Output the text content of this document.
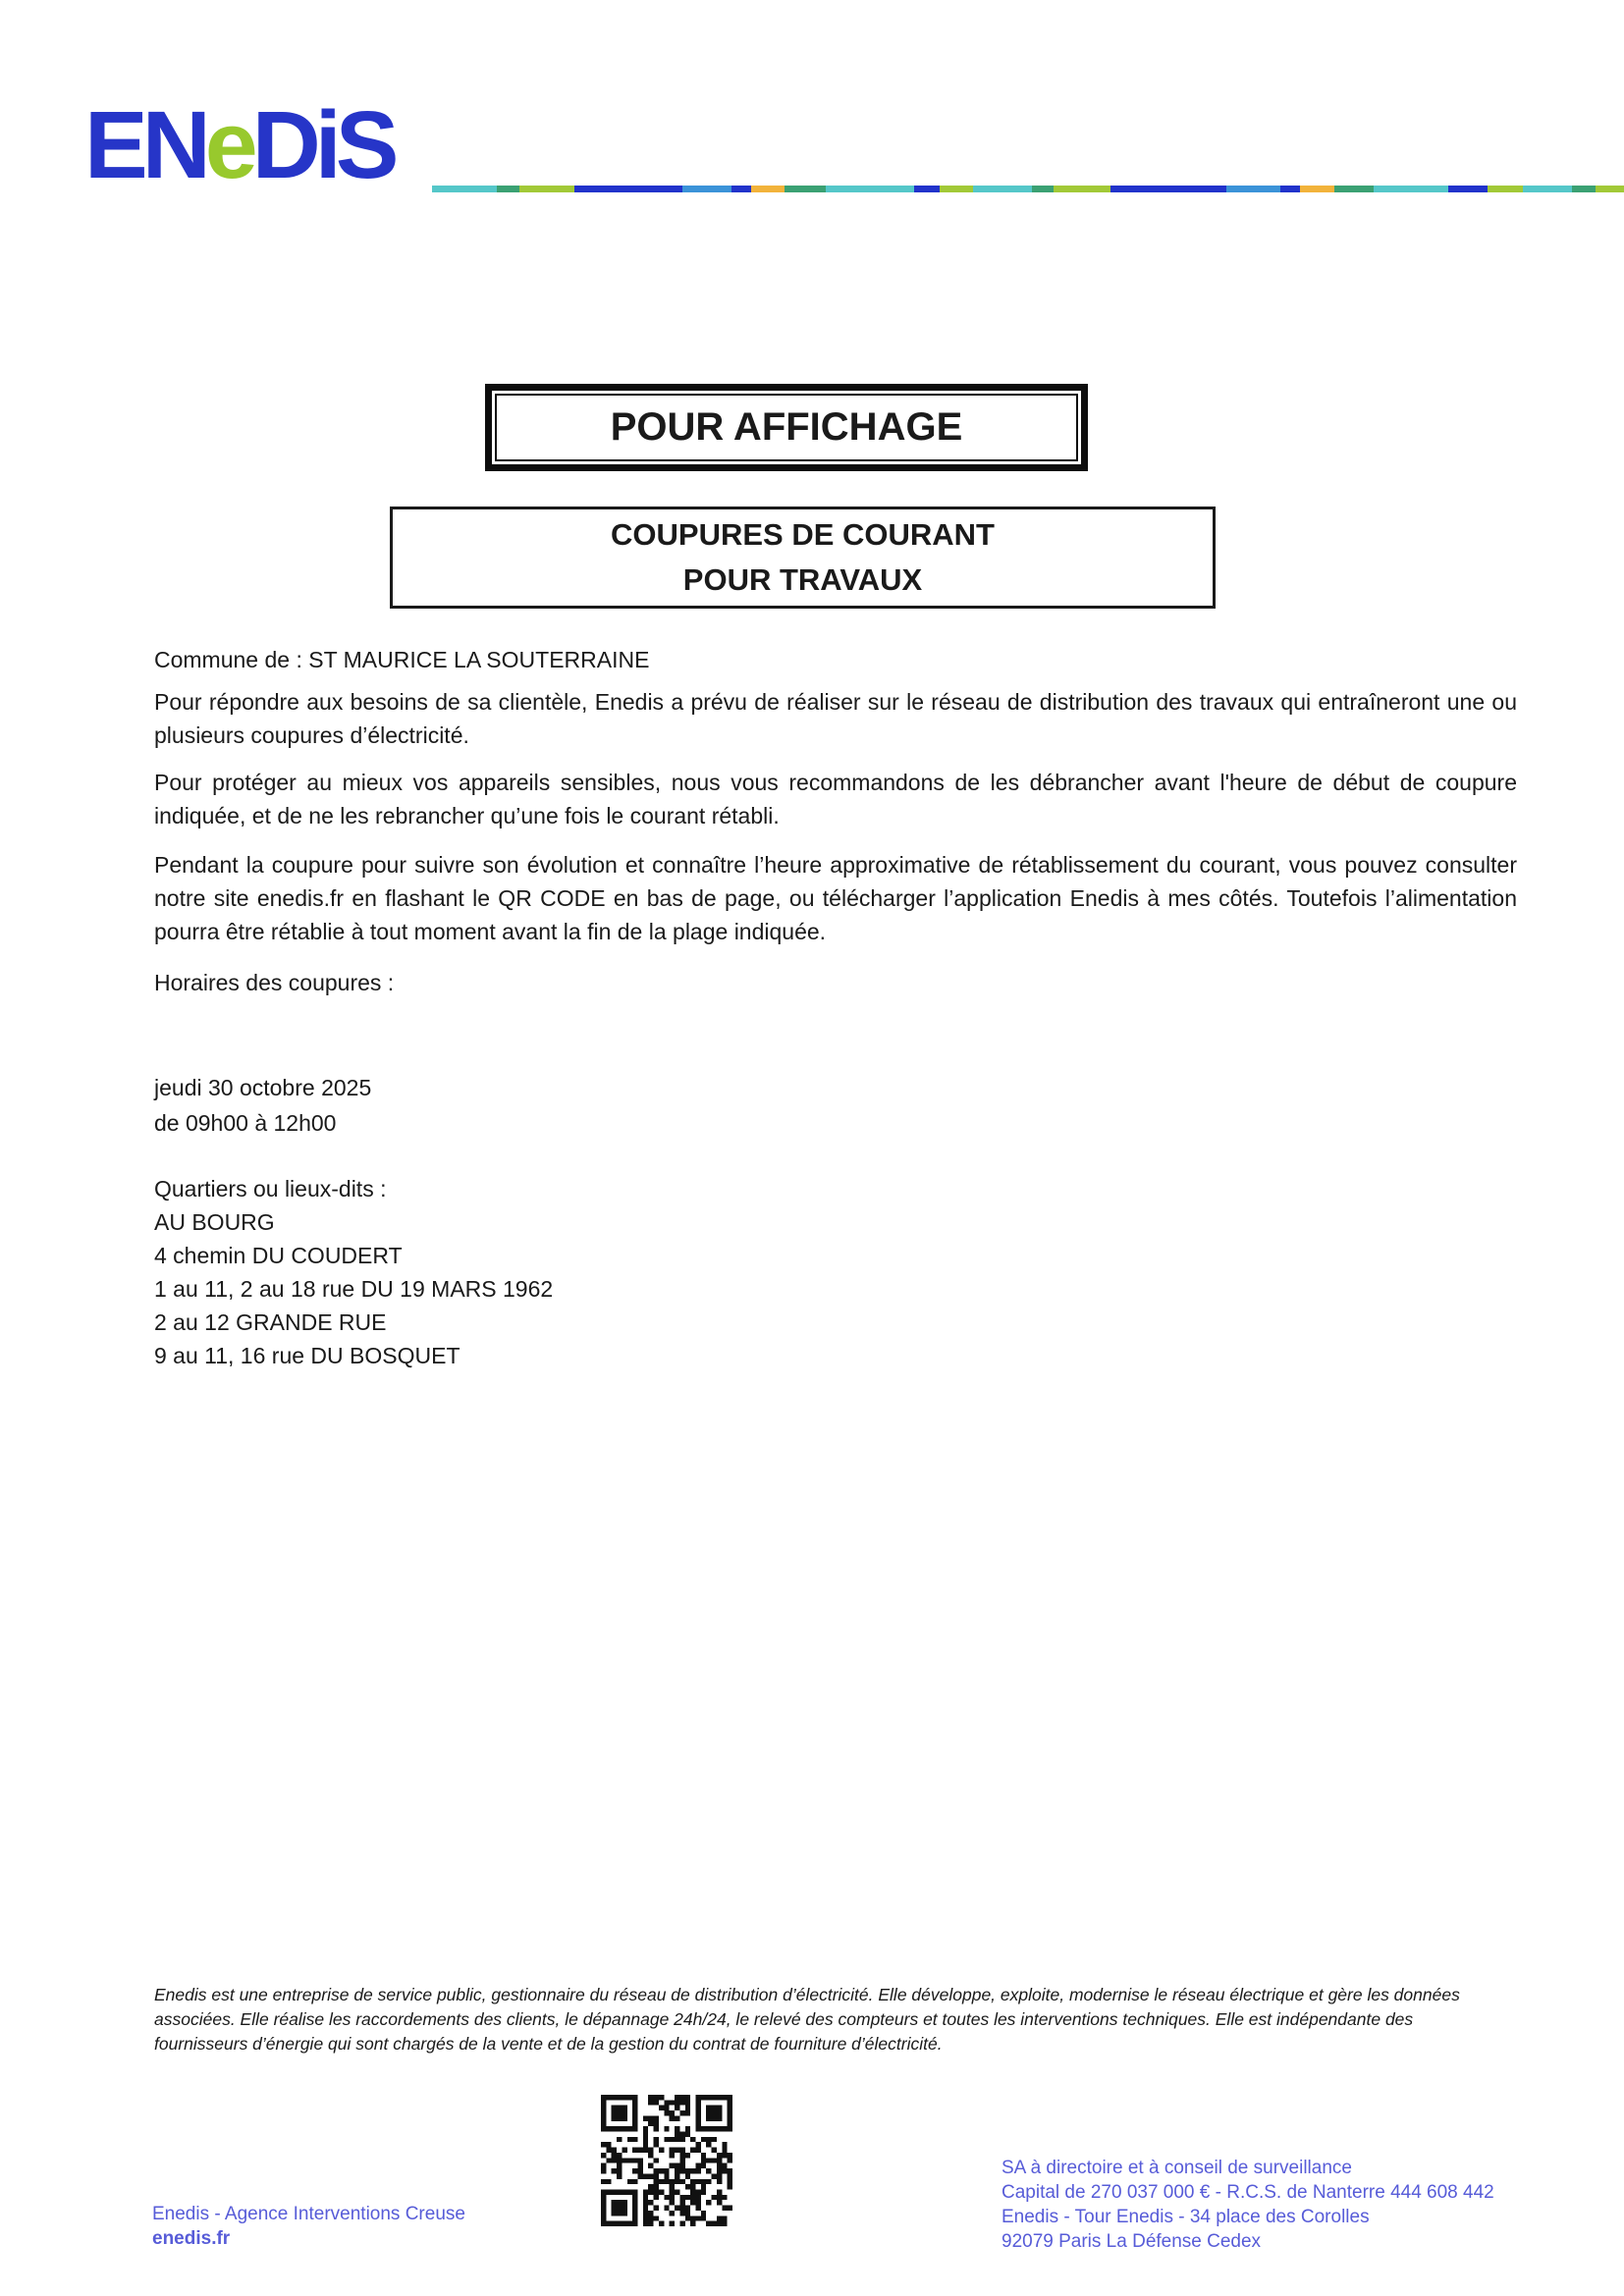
ENeDiS
POUR AFFICHAGE
COUPURES DE COURANT
POUR TRAVAUX
Commune de : ST MAURICE LA SOUTERRAINE
Pour répondre aux besoins de sa clientèle, Enedis a prévu de réaliser sur le réseau de distribution des travaux qui entraîneront une ou plusieurs coupures d’électricité.
Pour protéger au mieux vos appareils sensibles, nous vous recommandons de les débrancher avant l'heure de début de coupure indiquée, et de ne les rebrancher qu’une fois le courant rétabli.
Pendant la coupure pour suivre son évolution et connaître l’heure approximative de rétablissement du courant, vous pouvez consulter notre site enedis.fr en flashant le QR CODE en bas de page, ou télécharger l’application Enedis à mes côtés. Toutefois l’alimentation pourra être rétablie à tout moment avant la fin de la plage indiquée.
Horaires des coupures :
jeudi 30 octobre 2025
de 09h00 à 12h00
Quartiers ou lieux-dits :
AU BOURG
4 chemin DU COUDERT
1 au 11, 2 au 18 rue DU 19 MARS 1962
2 au 12 GRANDE RUE
9 au 11, 16 rue DU BOSQUET
Enedis est une entreprise de service public, gestionnaire du réseau de distribution d’électricité. Elle développe, exploite, modernise le réseau électrique et gère les données associées. Elle réalise les raccordements des clients, le dépannage 24h/24, le relevé des compteurs et toutes les interventions techniques. Elle est indépendante des fournisseurs d’énergie qui sont chargés de la vente et de la gestion du contrat de fourniture d’électricité.
Enedis - Agence Interventions Creuse
enedis.fr
SA à directoire et à conseil de surveillance
Capital de 270 037 000 € - R.C.S. de Nanterre 444 608 442
Enedis - Tour Enedis - 34 place des Corolles
92079 Paris La Défense Cedex
